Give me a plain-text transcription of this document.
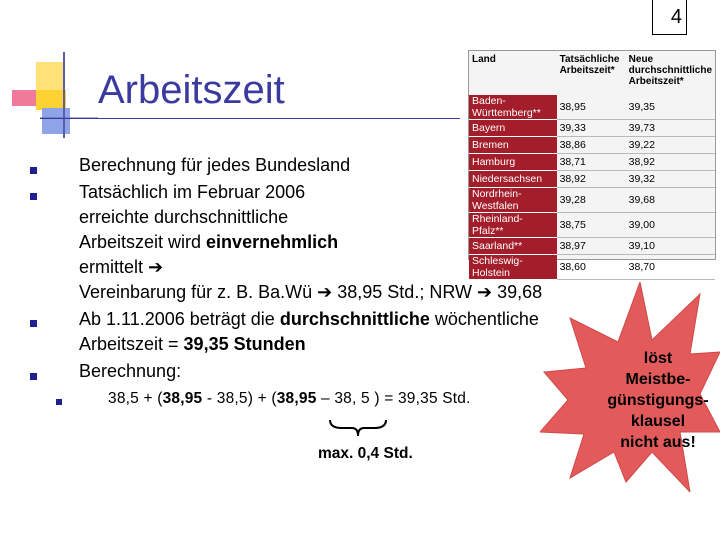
4
Arbeitszeit
Berechnung für jedes Bundesland
Tatsächlich im Februar 2006
erreichte durchschnittliche
Arbeitszeit wird einvernehmlich
ermittelt ➔
Vereinbarung für z. B. Ba.Wü ➔ 38,95 Std.; NRW ➔ 39,68
Ab 1.11.2006 beträgt die durchschnittliche wöchentliche
Arbeitszeit = 39,35 Stunden
Berechnung:
38,5 + (38,95 - 38,5) + (38,95 – 38, 5 ) = 39,35 Std.
max. 0,4 Std.
Land	Tatsächliche Arbeitszeit*	Neue durchschnittliche Arbeitszeit*
Baden-Württemberg**	38,95	39,35
Bayern	39,33	39,73
Bremen	38,86	39,22
Hamburg	38,71	38,92
Niedersachsen	38,92	39,32
Nordrhein-Westfalen	39,28	39,68
Rheinland-Pfalz**	38,75	39,00
Saarland**	38,97	39,10
Schleswig-Holstein	38,60	38,70
löst
Meistbe-
günstigungs-
klausel
nicht aus!
